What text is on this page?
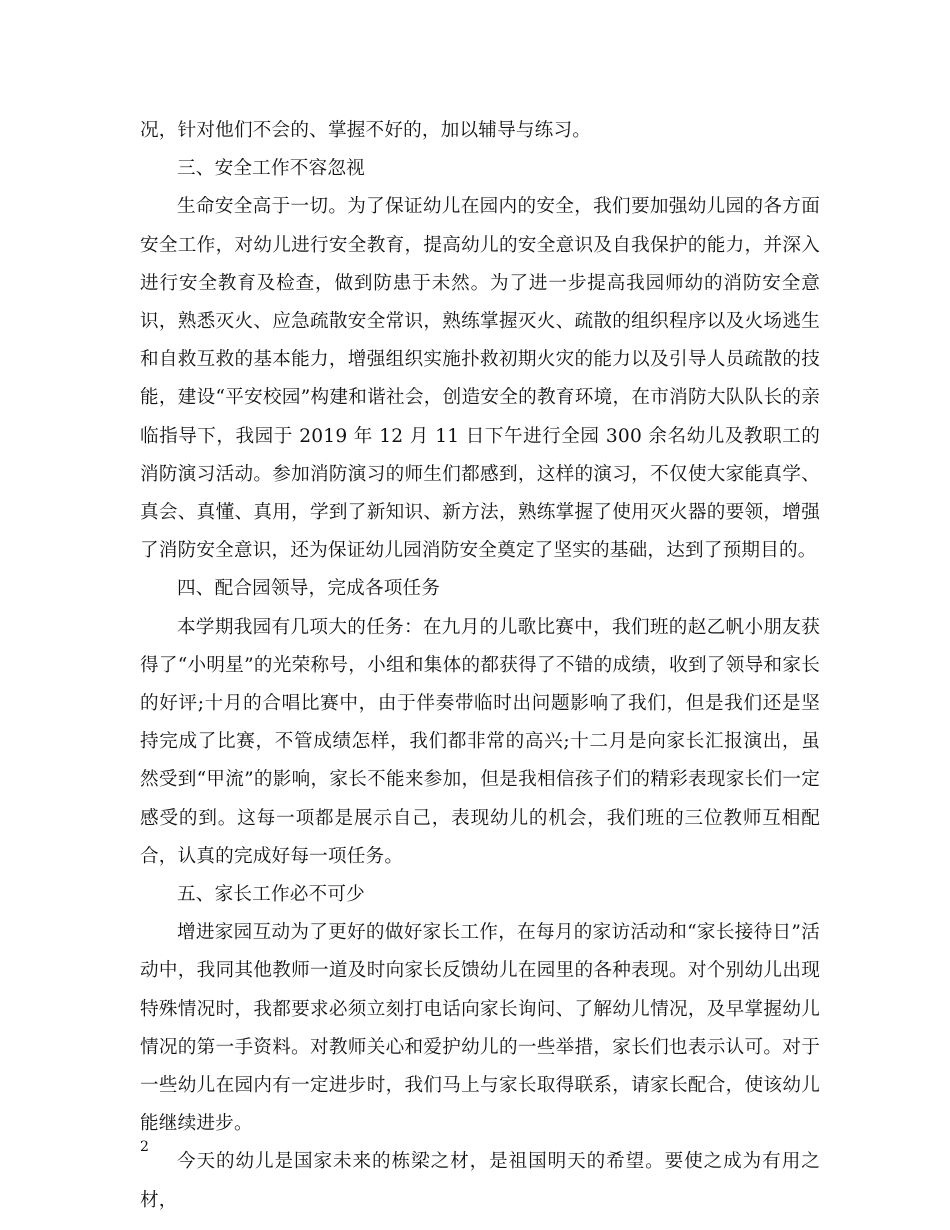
况，针对他们不会的、掌握不好的，加以辅导与练习。

三、安全工作不容忽视

生命安全高于一切。为了保证幼儿在园内的安全，我们要加强幼儿园的各方面安全工作，对幼儿进行安全教育，提高幼儿的安全意识及自我保护的能力，并深入进行安全教育及检查，做到防患于未然。为了进一步提高我园师幼的消防安全意识，熟悉灭火、应急疏散安全常识，熟练掌握灭火、疏散的组织程序以及火场逃生和自救互救的基本能力，增强组织实施扑救初期火灾的能力以及引导人员疏散的技能，建设“平安校园”构建和谐社会，创造安全的教育环境，在市消防大队队长的亲临指导下，我园于 2019 年 12 月 11 日下午进行全园 300 余名幼儿及教职工的消防演习活动。参加消防演习的师生们都感到，这样的演习，不仅使大家能真学、真会、真懂、真用，学到了新知识、新方法，熟练掌握了使用灭火器的要领，增强了消防安全意识，还为保证幼儿园消防安全奠定了坚实的基础，达到了预期目的。

四、配合园领导，完成各项任务

本学期我园有几项大的任务：在九月的儿歌比赛中，我们班的赵乙帆小朋友获得了“小明星”的光荣称号，小组和集体的都获得了不错的成绩，收到了领导和家长的好评;十月的合唱比赛中，由于伴奏带临时出问题影响了我们，但是我们还是坚持完成了比赛，不管成绩怎样，我们都非常的高兴;十二月是向家长汇报演出，虽然受到“甲流”的影响，家长不能来参加，但是我相信孩子们的精彩表现家长们一定感受的到。这每一项都是展示自己，表现幼儿的机会，我们班的三位教师互相配合，认真的完成好每一项任务。

五、家长工作必不可少

增进家园互动为了更好的做好家长工作，在每月的家访活动和“家长接待日”活动中，我同其他教师一道及时向家长反馈幼儿在园里的各种表现。对个别幼儿出现特殊情况时，我都要求必须立刻打电话向家长询问、了解幼儿情况，及早掌握幼儿情况的第一手资料。对教师关心和爱护幼儿的一些举措，家长们也表示认可。对于一些幼儿在园内有一定进步时，我们马上与家长取得联系，请家长配合，使该幼儿能继续进步。

今天的幼儿是国家未来的栋梁之材，是祖国明天的希望。要使之成为有用之材，

2
